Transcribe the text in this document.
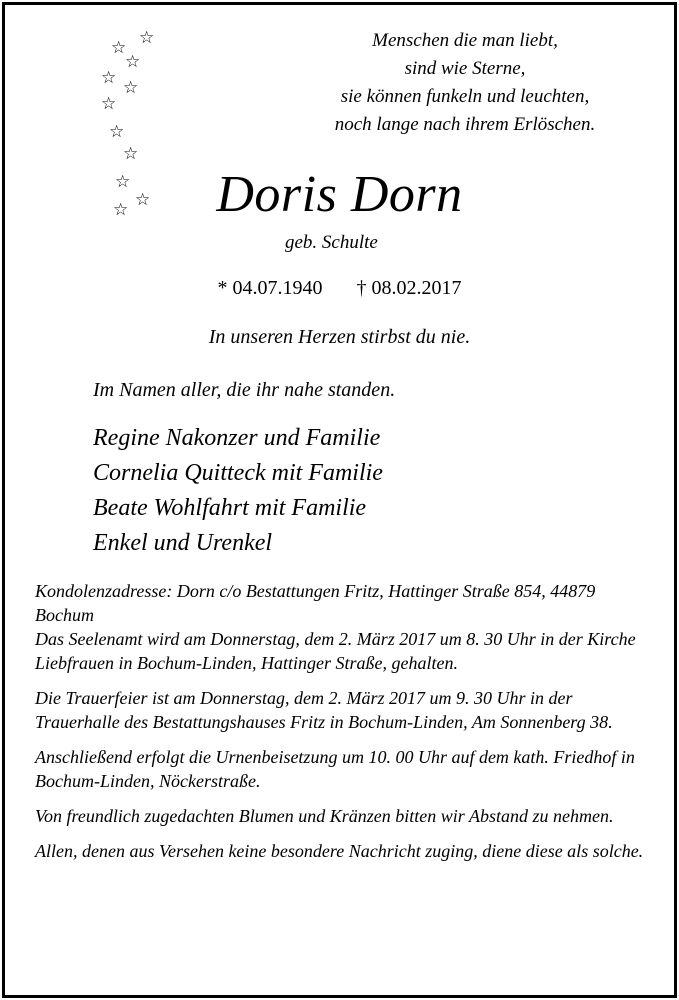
☆
☆
☆
☆
☆
☆
☆
☆
☆
☆
☆
Menschen die man liebt,
sind wie Sterne,
sie können funkeln und leuchten,
noch lange nach ihrem Erlöschen.
Doris Dorn
geb. Schulte
* 04.07.1940 † 08.02.2017
In unseren Herzen stirbst du nie.
Im Namen aller, die ihr nahe standen.
Regine Nakonzer und Familie
Cornelia Quitteck mit Familie
Beate Wohlfahrt mit Familie
Enkel und Urenkel
Kondolenzadresse: Dorn c/o Bestattungen Fritz, Hattinger Straße 854, 44879 Bochum
Das Seelenamt wird am Donnerstag, dem 2. März 2017 um 8. 30 Uhr in der Kirche Liebfrauen in Bochum-Linden, Hattinger Straße, gehalten.
Die Trauerfeier ist am Donnerstag, dem 2. März 2017 um 9. 30 Uhr in der Trauerhalle des Bestattungshauses Fritz in Bochum-Linden, Am Sonnenberg 38.
Anschließend erfolgt die Urnenbeisetzung um 10. 00 Uhr auf dem kath. Friedhof in Bochum-Linden, Nöckerstraße.
Von freundlich zugedachten Blumen und Kränzen bitten wir Abstand zu nehmen.
Allen, denen aus Versehen keine besondere Nachricht zuging, diene diese als solche.
